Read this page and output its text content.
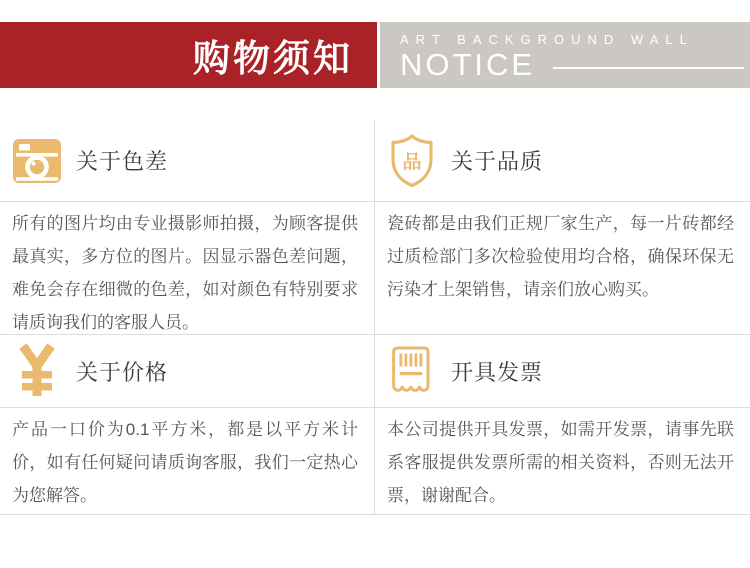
购物须知	ART BACKGROUND WALL
NOTICE
关于色差	品 关于品质
所有的图片均由专业摄影师拍摄，为顾客提供最真实，多方位的图片。因显示器色差问题，难免会存在细微的色差，如对颜色有特别要求请质询我们的客服人员。
瓷砖都是由我们正规厂家生产，每一片砖都经过质检部门多次检验使用均合格，确保环保无污染才上架销售，请亲们放心购买。
关于价格	开具发票
产品一口价为0.1平方米，都是以平方米计价，如有任何疑问请质询客服，我们一定热心为您解答。
本公司提供开具发票，如需开发票，请事先联系客服提供发票所需的相关资料，否则无法开票，谢谢配合。
